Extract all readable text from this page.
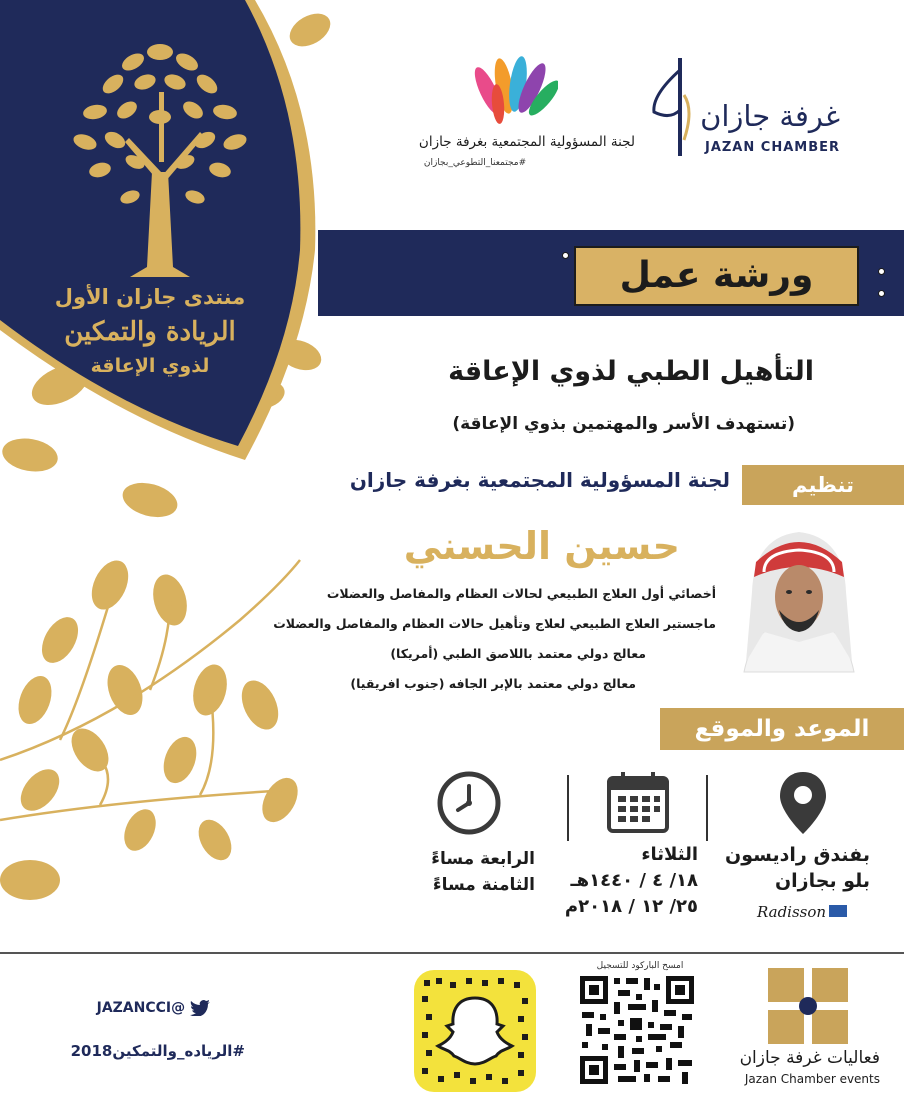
منتدى جازان الأول
الريادة والتمكين
لذوي الإعاقة
غرفة جازان
JAZAN CHAMBER
لجنة المسؤولية المجتمعية بغرفة جازان
#مجتمعنا_التطوعي_بجازان
ورشة عمل
التأهيل الطبي لذوي الإعاقة
(تستهدف الأسر والمهتمين بذوي الإعاقة)
تنظيم
لجنة المسؤولية المجتمعية بغرفة جازان
حسين الحسني
أخصائي أول العلاج الطبيعي لحالات العظام والمفاصل والعضلات
ماجستير العلاج الطبيعي لعلاج وتأهيل حالات العظام والمفاصل والعضلات
معالج دولي معتمد باللاصق الطبي (أمريكا)
معالج دولي معتمد بالإبر الجافه (جنوب افريقيا)
الموعد والموقع
بفندق راديسون
بلو بجازان
Radisson
الثلاثاء
١٨/ ٤ / ١٤٤٠هـ
٢٥/ ١٢ / ٢٠١٨م
الرابعة مساءً
الثامنة مساءً
فعاليات غرفة جازان
Jazan Chamber events
امسح الباركود للتسجيل
JAZANCCI@
#الرياده_والتمكين2018
